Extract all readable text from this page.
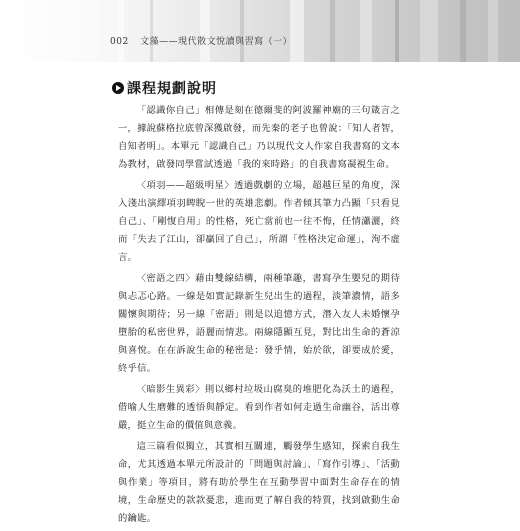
002 文藻——現代散文悅讀與習寫（一）
課程規劃說明

「認識你自己」相傳是刻在德爾斐的阿波羅神廟的三句箴言之一，據說蘇格拉底曾深獲啟發，而先秦的老子也曾說：「知人者智，自知者明」。本單元「認識自己」乃以現代文人作家自我書寫的文本為教材，啟發同學嘗試透過「我的來時路」的自我書寫凝視生命。

〈項羽——超級明星〉透過戲劇的立場，超越巨星的角度，深入淺出演繹項羽睥睨一世的英雄悲劇。作者傾其筆力凸顯「只看見自己」、「剛愎自用」的性格，死亡當前也一往不悔，任情瀟灑，終而「失去了江山，卻贏回了自己」，所謂「性格決定命運」，洵不虛言。

〈密語之四〉藉由雙線結構，兩種筆趣，書寫孕生嬰兒的期待與忐忑心路。一線是如實記錄新生兒出生的過程，淡筆濃情，語多關懷與期待；另一線「密語」則是以追憶方式，潛入友人未婚懷孕墮胎的私密世界，語麗而情悲。兩線隱顯互見，對比出生命的蒼涼與喜悅。在在訴說生命的秘密是：發乎情，始於欲，卻要成於愛，終乎信。

〈暗影生異彩〉則以鄉村垃圾山腐臭的堆肥化為沃土的過程，借喻人生磨難的透悟與靜定。看到作者如何走過生命幽谷，活出尊嚴，挺立生命的價值與意義。

這三篇看似獨立，其實相互關連，觸發學生感知，探索自我生命，尤其透過本單元所設計的「問題與討論」、「寫作引導」、「活動與作業」等項目，將有助於學生在互動學習中面對生命存在的情境，生命歷史的款款憂悲，進而更了解自我的特質，找到啟動生命的鑰匙。
